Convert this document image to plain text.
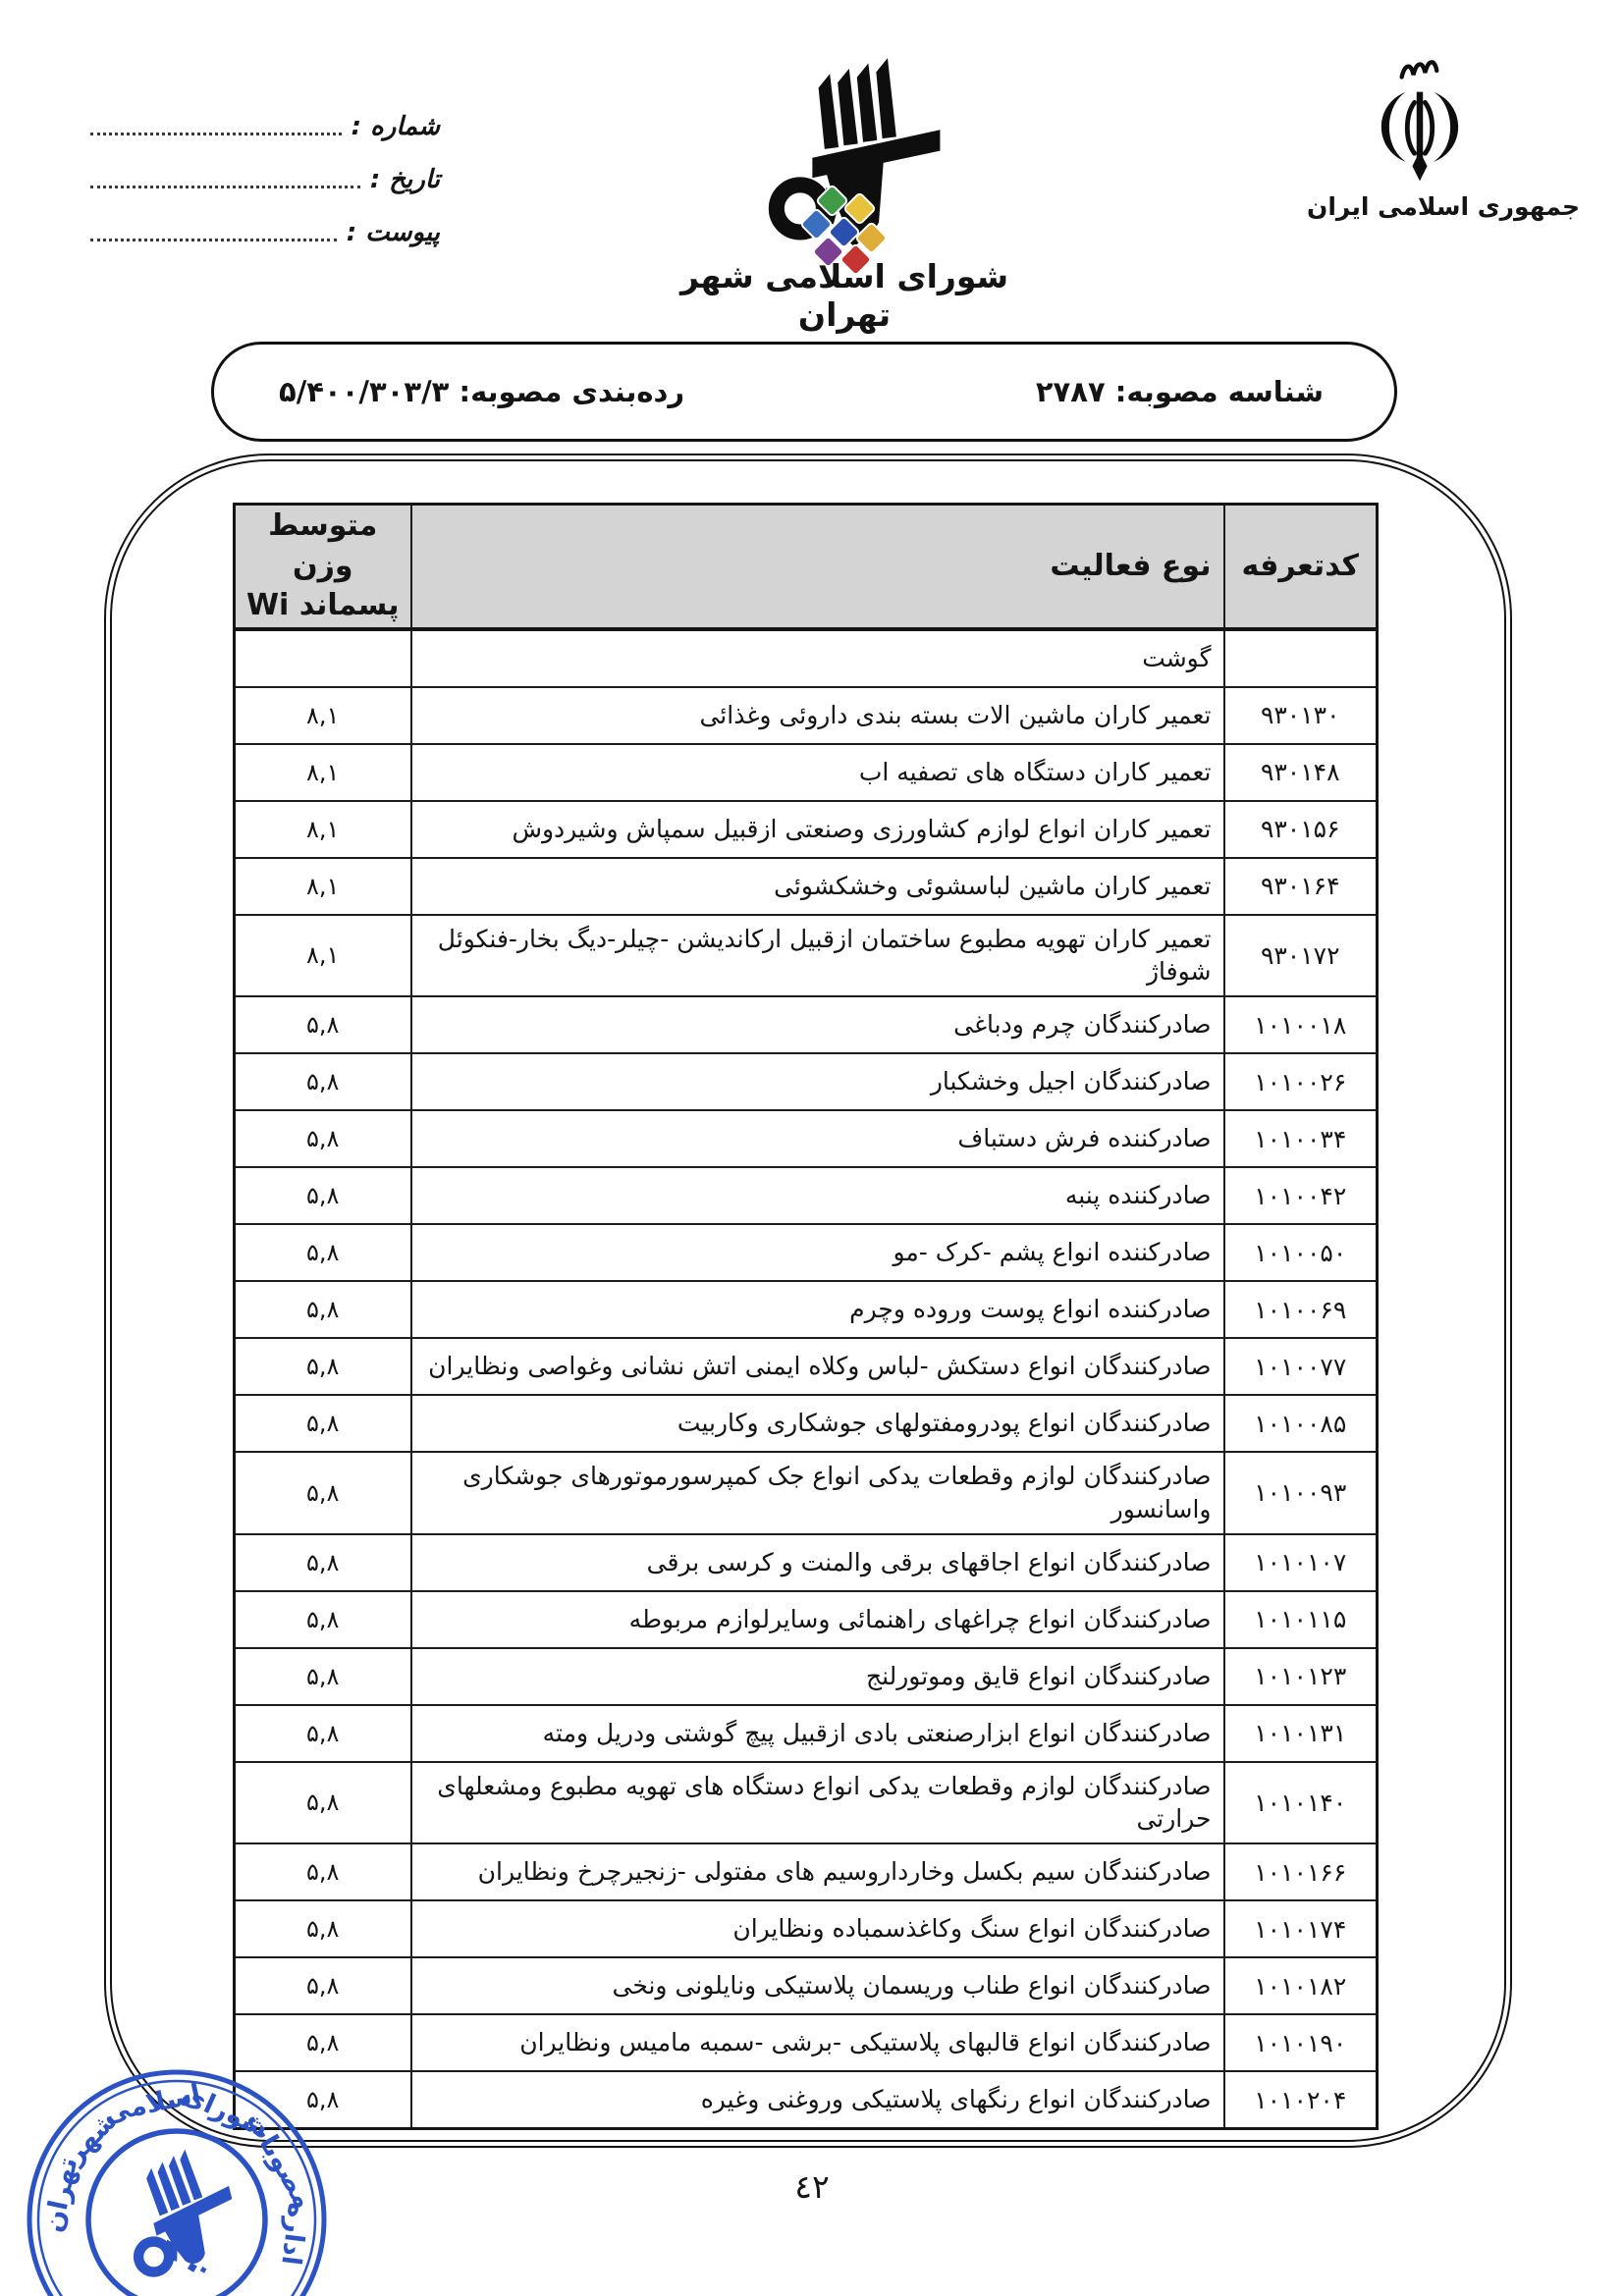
شماره :
تاریخ :
پیوست :
شورای اسلامی شهر تهران
جمهوری اسلامی ایران
شناسه مصوبه: ۲۷۸۷
رده‌بندی مصوبه: ۵/۴۰۰/۳۰۳/۳
کدتعرفه	نوع فعالیت	متوسط وزن
پسماند Wi

	گوشت	
۹۳۰۱۳۰	تعمیر کاران ماشین الات بسته بندی داروئی وغذائی	۸,۱
۹۳۰۱۴۸	تعمیر کاران دستگاه های تصفیه اب	۸,۱
۹۳۰۱۵۶	تعمیر کاران انواع لوازم کشاورزی وصنعتی ازقبیل سمپاش وشیردوش	۸,۱
۹۳۰۱۶۴	تعمیر کاران ماشین لباسشوئی وخشکشوئی	۸,۱
۹۳۰۱۷۲	تعمیر کاران تهویه مطبوع ساختمان ازقبیل ارکاندیشن -چیلر-دیگ بخار-فنکوئل شوفاژ	۸,۱
۱۰۱۰۰۱۸	صادرکنندگان چرم ودباغی	۵,۸
۱۰۱۰۰۲۶	صادرکنندگان اجیل وخشکبار	۵,۸
۱۰۱۰۰۳۴	صادرکننده فرش دستباف	۵,۸
۱۰۱۰۰۴۲	صادرکننده پنبه	۵,۸
۱۰۱۰۰۵۰	صادرکننده انواع پشم -کرک -مو	۵,۸
۱۰۱۰۰۶۹	صادرکننده انواع پوست وروده وچرم	۵,۸
۱۰۱۰۰۷۷	صادرکنندگان انواع دستکش -لباس وکلاه ایمنی اتش نشانی وغواصی ونظایران	۵,۸
۱۰۱۰۰۸۵	صادرکنندگان انواع پودرومفتولهای جوشکاری وکاربیت	۵,۸
۱۰۱۰۰۹۳	صادرکنندگان لوازم وقطعات یدکی انواع جک کمپرسورموتورهای جوشکاری واسانسور	۵,۸
۱۰۱۰۱۰۷	صادرکنندگان انواع اجاقهای برقی والمنت و کرسی برقی	۵,۸
۱۰۱۰۱۱۵	صادرکنندگان انواع چراغهای راهنمائی وسایرلوازم مربوطه	۵,۸
۱۰۱۰۱۲۳	صادرکنندگان انواع قایق وموتورلنج	۵,۸
۱۰۱۰۱۳۱	صادرکنندگان انواع ابزارصنعتی بادی ازقبیل پیچ گوشتی ودریل ومته	۵,۸
۱۰۱۰۱۴۰	صادرکنندگان لوازم وقطعات یدکی انواع دستگاه های تهویه مطبوع ومشعلهای حرارتی	۵,۸
۱۰۱۰۱۶۶	صادرکنندگان سیم بکسل وخارداروسیم های مفتولی -زنجیرچرخ ونظایران	۵,۸
۱۰۱۰۱۷۴	صادرکنندگان انواع سنگ وکاغذسمباده ونظایران	۵,۸
۱۰۱۰۱۸۲	صادرکنندگان انواع طناب وریسمان پلاستیکی ونایلونی ونخی	۵,۸
۱۰۱۰۱۹۰	صادرکنندگان انواع قالبهای پلاستیکی -برشی -سمبه مامیس ونظایران	۵,۸
۱۰۱۰۲۰۴	صادرکنندگان انواع رنگهای پلاستیکی وروغنی وغیره	۵,۸
اداره
مصوبات
شورای
اسلامی
شهر
تهران	٤٢
